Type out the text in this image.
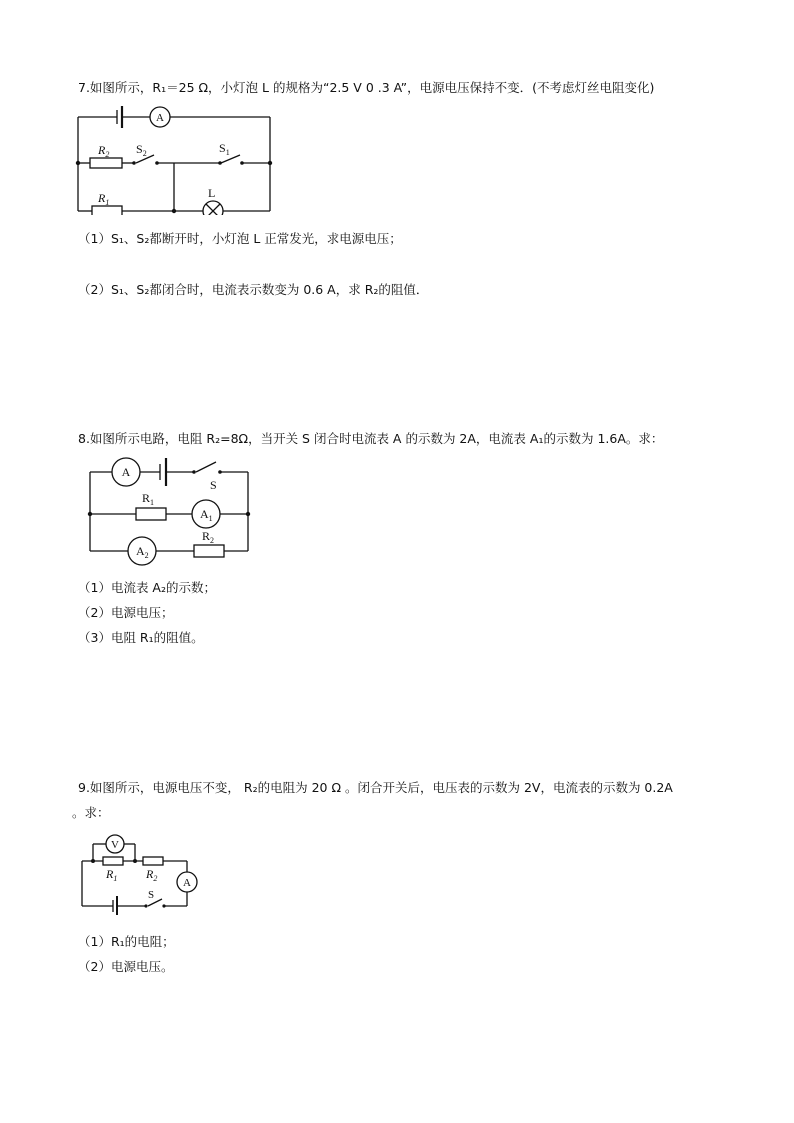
7.如图所示，R₁＝25 Ω，小灯泡 L 的规格为“2.5 V 0 .3 A”，电源电压保持不变．(不考虑灯丝电阻变化)
A
$R_2$ $S_2$	$S_1$
$R_1$
L
（1）S₁、S₂都断开时，小灯泡 L 正常发光，求电源电压；
（2）S₁、S₂都闭合时，电流表示数变为 0.6 A，求 R₂的阻值．
8.如图所示电路，电阻 R₂=8Ω，当开关 S 闭合时电流表 A 的示数为 2A，电流表 A₁的示数为 1.6A。求：
A
S
$R_1$
$A_1$
$A_2$
$R_2$
（1）电流表 A₂的示数；
（2）电源电压；
（3）电阻 R₁的阻值。
9.如图所示，电源电压不变， R₂的电阻为 20 Ω 。闭合开关后，电压表的示数为 2V，电流表的示数为 0.2A
。求：
V
$R_1$ $R_2$ A
S
（1）R₁的电阻；
（2）电源电压。
